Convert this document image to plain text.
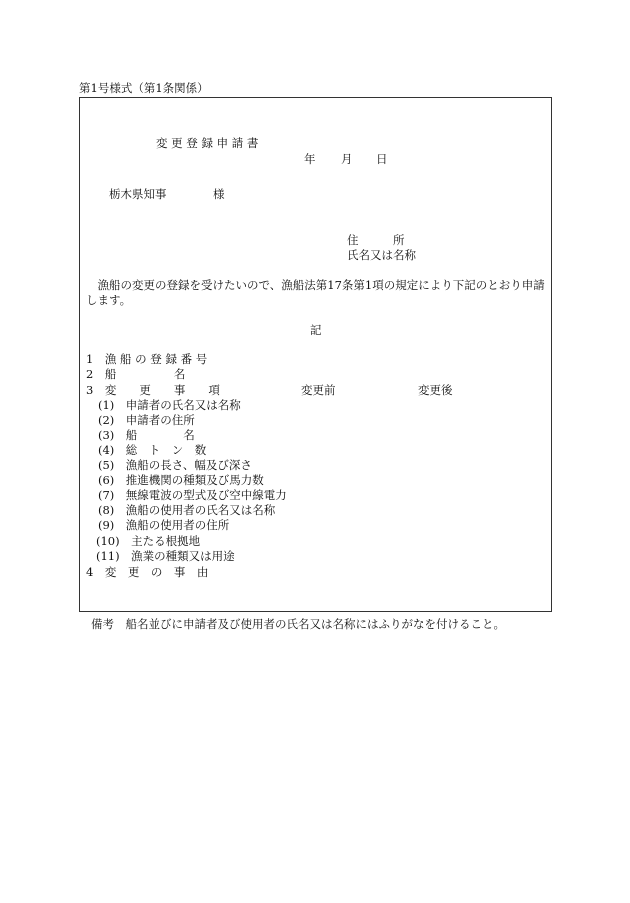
第1号様式（第1条関係）
変 更 登 録 申 請 書
年 月 日
栃木県知事	様
住　　　所
氏名又は名称
漁船の変更の登録を受けたいので、漁船法第17条第1項の規定により下記のとおり申請します。
記
1　漁 船 の 登 録 番 号
2　船　　　　　名
3　変　　更　　事　　項	変更前	変更後
(1)　申請者の氏名又は名称
(2)　申請者の住所
(3)　船　　　　名
(4)　総　ト　ン　数
(5)　漁船の長さ、幅及び深さ
(6)　推進機関の種類及び馬力数
(7)　無線電波の型式及び空中線電力
(8)　漁船の使用者の氏名又は名称
(9)　漁船の使用者の住所
(10)　主たる根拠地
(11)　漁業の種類又は用途
4　変　更　の　事　由
備考　船名並びに申請者及び使用者の氏名又は名称にはふりがなを付けること。
